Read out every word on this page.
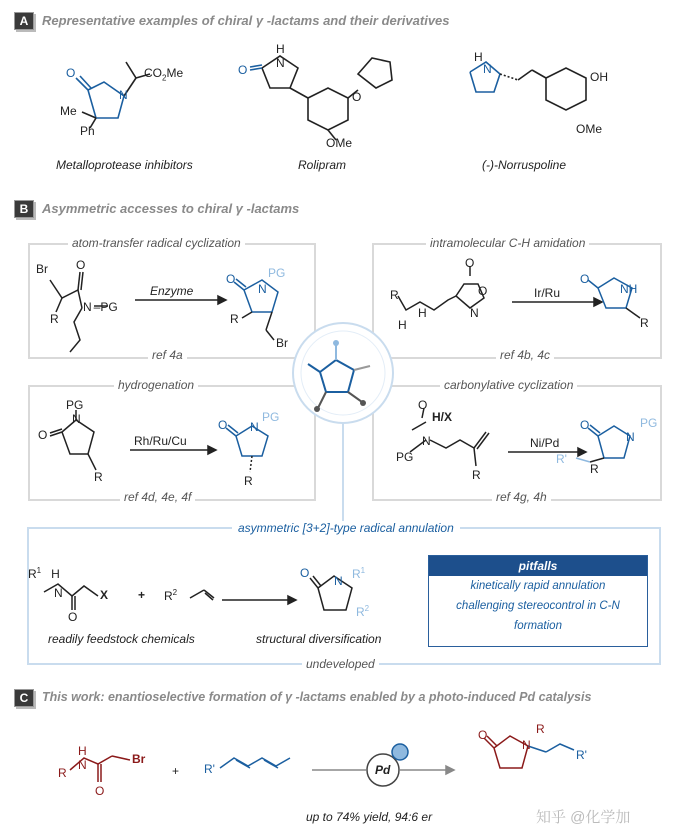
A	Representative examples of chiral γ -lactams and their derivatives
O
N
$CO_2Me$
Me
Ph
O
H
N
O
OMe
H
N
OH
OMe
Metalloprotease inhibitors	Rolipram	(-)-Norruspoline
B	Asymmetric accesses to chiral γ -lactams
atom-transfer radical cyclization	intramolecular C-H amidation
hydrogenation	carbonylative cyclization
ref 4a	ref 4b, 4c
ref 4d, 4e, 4f	ref 4g, 4h
Br O
R
N –PG
Enzyme
O
N
PG
R
Br
R
H
H
O
O
N
Ir/Ru
O
NH
R
PG
N
O
R
Rh/Ru/Cu
O N
PG
R
O
H/X
N
PG
R
Ni/Pd
O
N
PG
R
R'
asymmetric [3+2]-type radical annulation
$R^1$ H
N
O
$X + R^2$
O
N $R^1$
$R^2$
readily feedstock chemicals	structural diversification
undeveloped
pitfalls
kinetically rapid annulation
challenging stereocontrol in C-N
formation
C	This work: enantioselective formation of γ -lactams enabled by a photo-induced Pd catalysis
H
N
R
O
Br
+ R'	Pd
O
N
R
R'
up to 74% yield, 94:6 er	知乎 @化学加
